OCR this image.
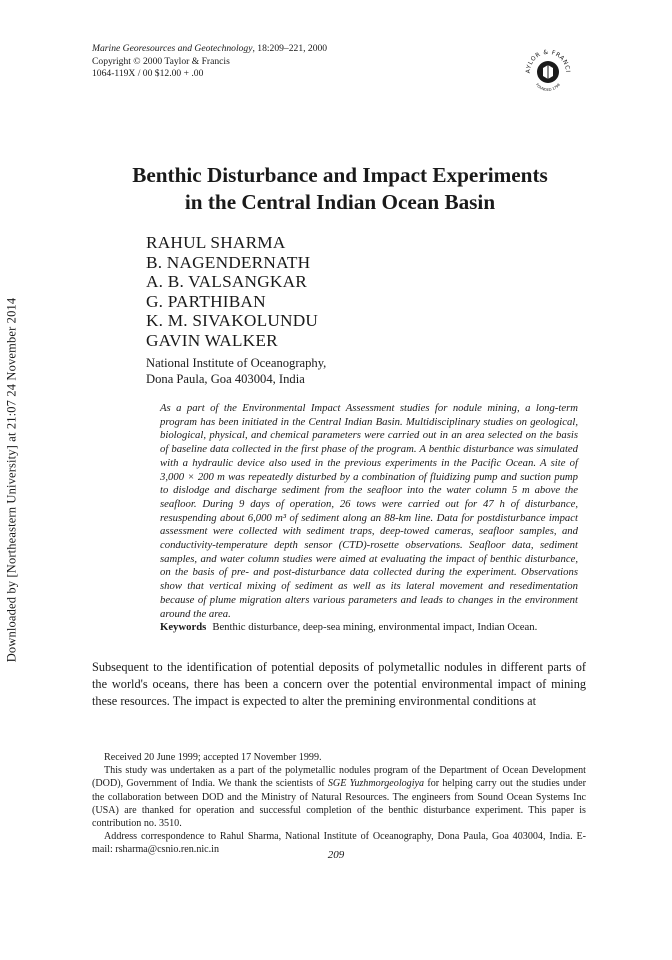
Marine Georesources and Geotechnology, 18:209–221, 2000
Copyright © 2000 Taylor & Francis
1064-119X / 00 $12.00 + .00	AYLOR & FRANCI
FOUNDED 1798
Downloaded by [Northeastern University] at 21:07 24 November 2014
Benthic Disturbance and Impact Experiments
in the Central Indian Ocean Basin
RAHUL SHARMA
B. NAGENDERNATH
A. B. VALSANGKAR
G. PARTHIBAN
K. M. SIVAKOLUNDU
GAVIN WALKER
National Institute of Oceanography,
Dona Paula, Goa 403004, India
As a part of the Environmental Impact Assessment studies for nodule mining, a long-term program has been initiated in the Central Indian Basin. Multidisciplinary studies on geological, biological, physical, and chemical parameters were carried out in an area selected on the basis of baseline data collected in the first phase of the program. A benthic disturbance was simulated with a hydraulic device also used in the previous experiments in the Pacific Ocean. A site of 3,000 × 200 m was repeatedly disturbed by a combination of fluidizing pump and suction pump to dislodge and discharge sediment from the seafloor into the water column 5 m above the seafloor. During 9 days of operation, 26 tows were carried out for 47 h of disturbance, resuspending about 6,000 m³ of sediment along an 88-km line. Data for postdisturbance impact assessment were collected with sediment traps, deep-towed cameras, seafloor samples, and conductivity-temperature depth sensor (CTD)-rosette observations. Seafloor data, sediment samples, and water column studies were aimed at evaluating the impact of benthic disturbance, on the basis of pre- and post-disturbance data collected during the experiment. Observations show that vertical mixing of sediment as well as its lateral movement and resedimentation because of plume migration alters various parameters and leads to changes in the environment around the area.
Keywords Benthic disturbance, deep-sea mining, environmental impact, Indian Ocean.
Subsequent to the identification of potential deposits of polymetallic nodules in different parts of the world's oceans, there has been a concern over the potential environmental impact of mining these resources. The impact is expected to alter the premining environmental conditions at

Received 20 June 1999; accepted 17 November 1999.

This study was undertaken as a part of the polymetallic nodules program of the Department of Ocean Development (DOD), Government of India. We thank the scientists of SGE Yuzhmorgeologiya for helping carry out the studies under the collaboration between DOD and the Ministry of Natural Resources. The engineers from Sound Ocean Systems Inc (USA) are thanked for operation and successful completion of the benthic disturbance experiment. This paper is contribution no. 3510.

Address correspondence to Rahul Sharma, National Institute of Oceanography, Dona Paula, Goa 403004, India. E-mail: rsharma@csnio.ren.nic.in	209
